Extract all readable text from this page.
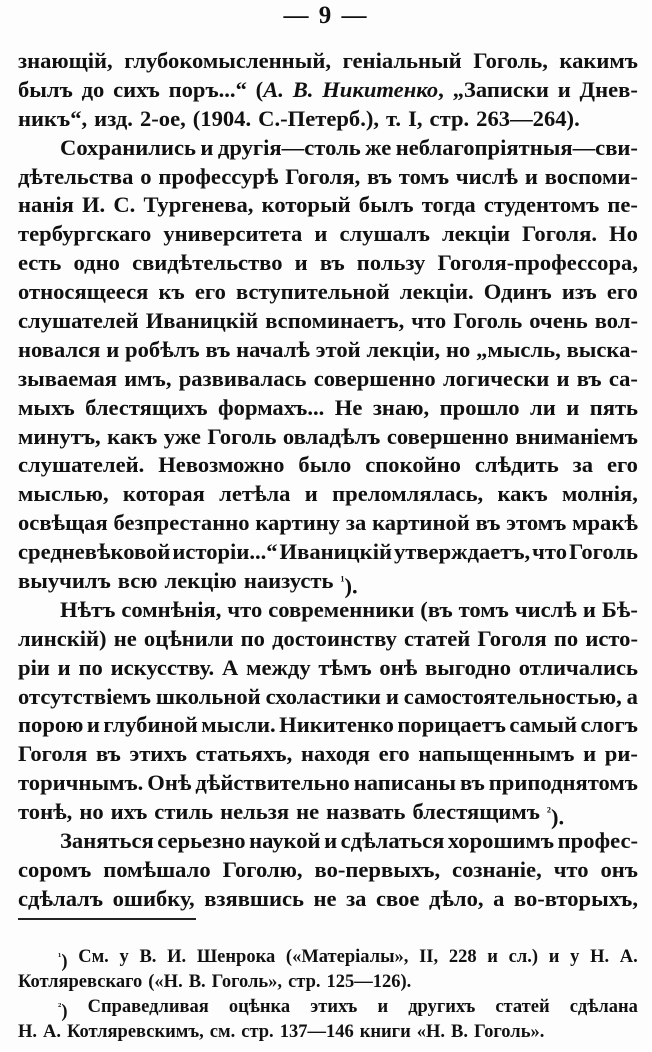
— 9 —
знающій, глубокомысленный, геніальный Гоголь, какимъ
былъ до сихъ поръ...“ (А. В. Никитенко, „Записки и Днев-
никъ“, изд. 2-ое, (1904. С.-Петерб.), т. I, стр. 263—264).
Сохранились и другія—столь же неблагопріятныя—сви-
дѣтельства о профессурѣ Гоголя, въ томъ числѣ и воспоми-
нанія И. С. Тургенева, который былъ тогда студентомъ пе-
тербургскаго университета и слушалъ лекціи Гоголя. Но
есть одно свидѣтельство и въ пользу Гоголя-профессора,
относящееся къ его вступительной лекціи. Одинъ изъ его
слушателей Иваницкій вспоминаетъ, что Гоголь очень вол-
новался и робѣлъ въ началѣ этой лекціи, но „мысль, выска-
зываемая имъ, развивалась совершенно логически и въ са-
мыхъ блестящихъ формахъ... Не знаю, прошло ли и пять
минутъ, какъ уже Гоголь овладѣлъ совершенно вниманіемъ
слушателей. Невозможно было спокойно слѣдить за его
мыслью, которая летѣла и преломлялась, какъ молнія,
освѣщая безпрестанно картину за картиной въ этомъ мракѣ
средневѣковой исторіи...“ Иваницкій утверждаетъ, что Гоголь
выучилъ всю лекцію наизусть $^{^1}$).
Нѣтъ сомнѣнія, что современники (въ томъ числѣ и Бѣ-
линскій) не оцѣнили по достоинству статей Гоголя по исто-
ріи и по искусству. А между тѣмъ онѣ выгодно отличались
отсутствіемъ школьной схоластики и самостоятельностью, а
порою и глубиной мысли. Никитенко порицаетъ самый слогъ
Гоголя въ этихъ статьяхъ, находя его напыщеннымъ и ри-
торичнымъ. Онѣ дѣйствительно написаны въ приподнятомъ
тонѣ, но ихъ стиль нельзя не назвать блестящимъ $^{^2}$).
Заняться серьезно наукой и сдѣлаться хорошимъ профес-
соромъ помѣшало Гоголю, во-первыхъ, сознаніе, что онъ
сдѣлалъ ошибку, взявшись не за свое дѣло, а во-вторыхъ,
$^{^1}$) См. у В. И. Шенрока («Матеріалы», II, 228 и сл.) и у Н. А.
Котляревскаго («Н. В. Гоголь», стр. 125—126).
$^{^2}$) Справедливая оцѣнка этихъ и другихъ статей сдѣлана
Н. А. Котляревскимъ, см. стр. 137—146 книги «Н. В. Гоголь».
